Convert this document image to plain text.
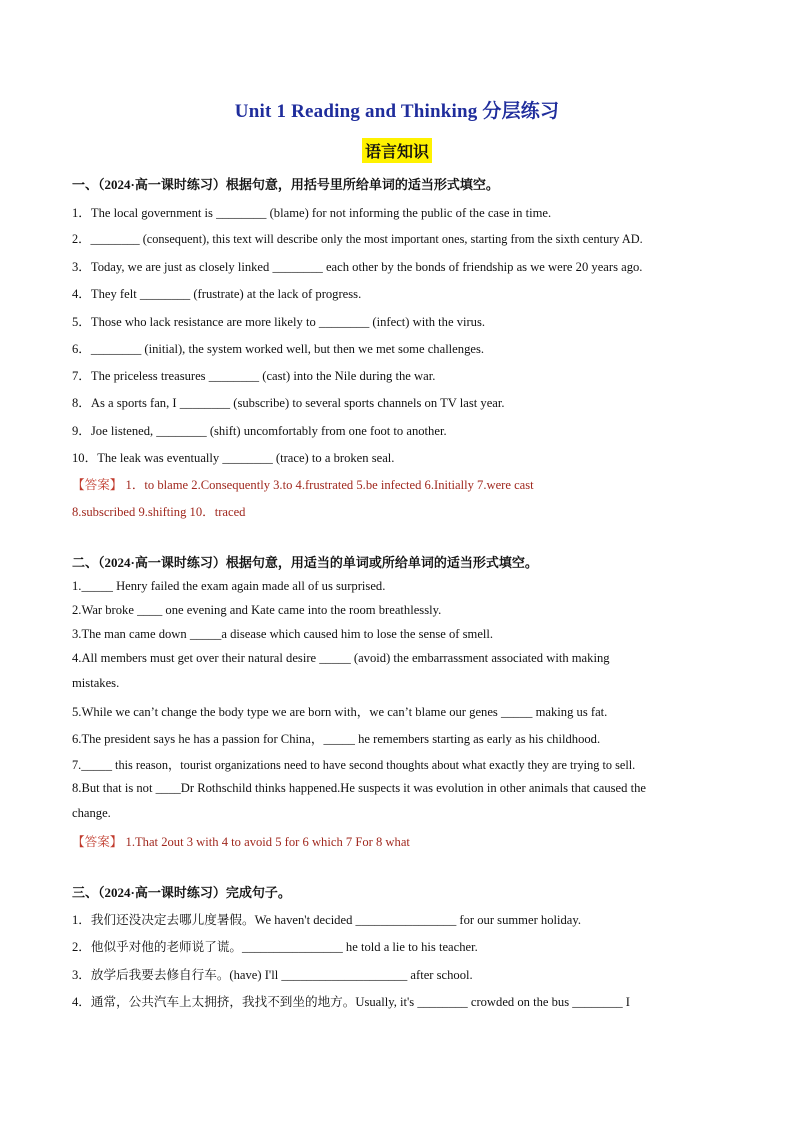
Unit 1 Reading and Thinking 分层练习
语言知识
一、（2024·高一课时练习）根据句意，用括号里所给单词的适当形式填空。
1．The local government is ________ (blame) for not informing the public of the case in time.
2．________ (consequent), this text will describe only the most important ones, starting from the sixth century AD.
3．Today, we are just as closely linked ________ each other by the bonds of friendship as we were 20 years ago.
4．They felt ________ (frustrate) at the lack of progress.
5．Those who lack resistance are more likely to ________ (infect) with the virus.
6．________ (initial), the system worked well, but then we met some challenges.
7．The priceless treasures ________ (cast) into the Nile during the war.
8．As a sports fan, I ________ (subscribe) to several sports channels on TV last year.
9．Joe listened, ________ (shift) uncomfortably from one foot to another.
10．The leak was eventually ________ (trace) to a broken seal.
【答案】 1．to blame 2.Consequently 3.to 4.frustrated 5.be infected 6.Initially 7.were cast
8.subscribed 9.shifting 10．traced
二、（2024·高一课时练习）根据句意，用适当的单词或所给单词的适当形式填空。
1._____ Henry failed the exam again made all of us surprised.
2.War broke ____ one evening and Kate came into the room breathlessly.
3.The man came down _____a disease which caused him to lose the sense of smell.
4.All members must get over their natural desire _____ (avoid) the embarrassment associated with making
mistakes.
5.While we can’t change the body type we are born with，we can’t blame our genes _____ making us fat.
6.The president says he has a passion for China，_____ he remembers starting as early as his childhood.
7._____ this reason，tourist organizations need to have second thoughts about what exactly they are trying to sell.
8.But that is not ____Dr Rothschild thinks happened.He suspects it was evolution in other animals that caused the
change.
【答案】 1.That 2out 3 with 4 to avoid 5 for 6 which 7 For 8 what
三、（2024·高一课时练习）完成句子。
1．我们还没决定去哪儿度暑假。We haven't decided ________________ for our summer holiday.
2．他似乎对他的老师说了谎。________________ he told a lie to his teacher.
3．放学后我要去修自行车。(have) I'll ____________________ after school.
4．通常，公共汽车上太拥挤，我找不到坐的地方。Usually, it's ________ crowded on the bus ________ I
